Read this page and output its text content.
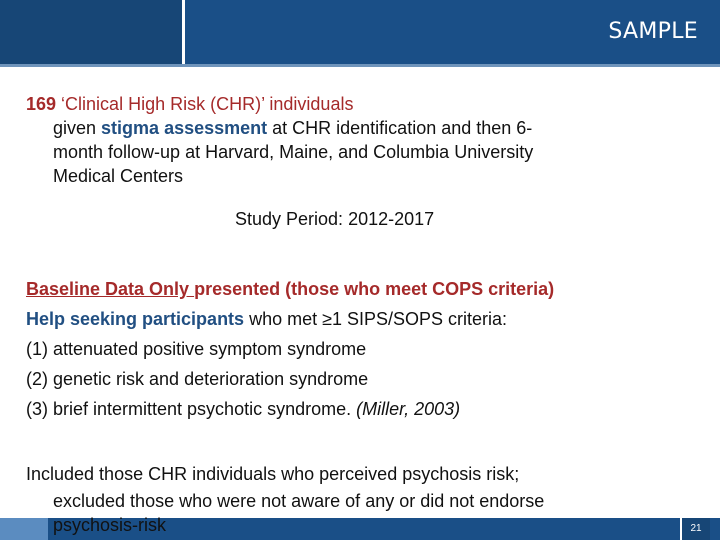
SAMPLE
169 ‘Clinical High Risk (CHR)’ individuals
given stigma assessment at CHR identification and then 6-
month follow-up at Harvard, Maine, and Columbia University
Medical Centers
Study Period: 2012-2017
Baseline Data Only presented (those who meet COPS criteria)
Help seeking participants who met ≥1 SIPS/SOPS criteria:
(1) attenuated positive symptom syndrome
(2) genetic risk and deterioration syndrome
(3) brief intermittent psychotic syndrome. (Miller, 2003)
Included those CHR individuals who perceived psychosis risk;
excluded those who were not aware of any or did not endorse
21
psychosis-risk
